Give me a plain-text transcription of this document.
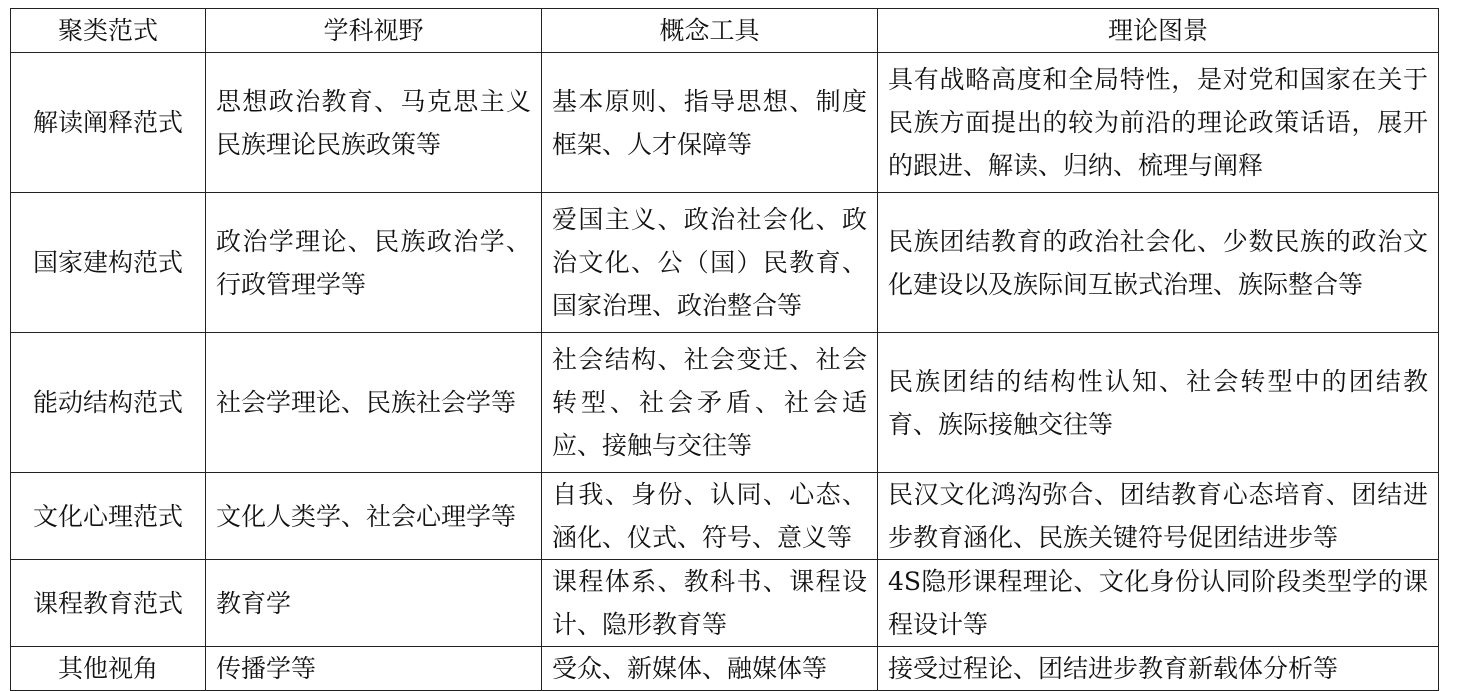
聚类范式	学科视野	概念工具	理论图景
解读阐释范式	思想政治教育、马克思主义民族理论民族政策等	基本原则、指导思想、制度框架、人才保障等	具有战略高度和全局特性，是对党和国家在关于民族方面提出的较为前沿的理论政策话语，展开的跟进、解读、归纳、梳理与阐释
国家建构范式	政治学理论、民族政治学、行政管理学等	爱国主义、政治社会化、政治文化、公（国）民教育、国家治理、政治整合等	民族团结教育的政治社会化、少数民族的政治文化建设以及族际间互嵌式治理、族际整合等
能动结构范式	社会学理论、民族社会学等	社会结构、社会变迁、社会转型、社会矛盾、社会适应、接触与交往等	民族团结的结构性认知、社会转型中的团结教育、族际接触交往等
文化心理范式	文化人类学、社会心理学等	自我、身份、认同、心态、涵化、仪式、符号、意义等	民汉文化鸿沟弥合、团结教育心态培育、团结进步教育涵化、民族关键符号促团结进步等
课程教育范式	教育学	课程体系、教科书、课程设计、隐形教育等	4S隐形课程理论、文化身份认同阶段类型学的课程设计等
其他视角	传播学等	受众、新媒体、融媒体等	接受过程论、团结进步教育新载体分析等
